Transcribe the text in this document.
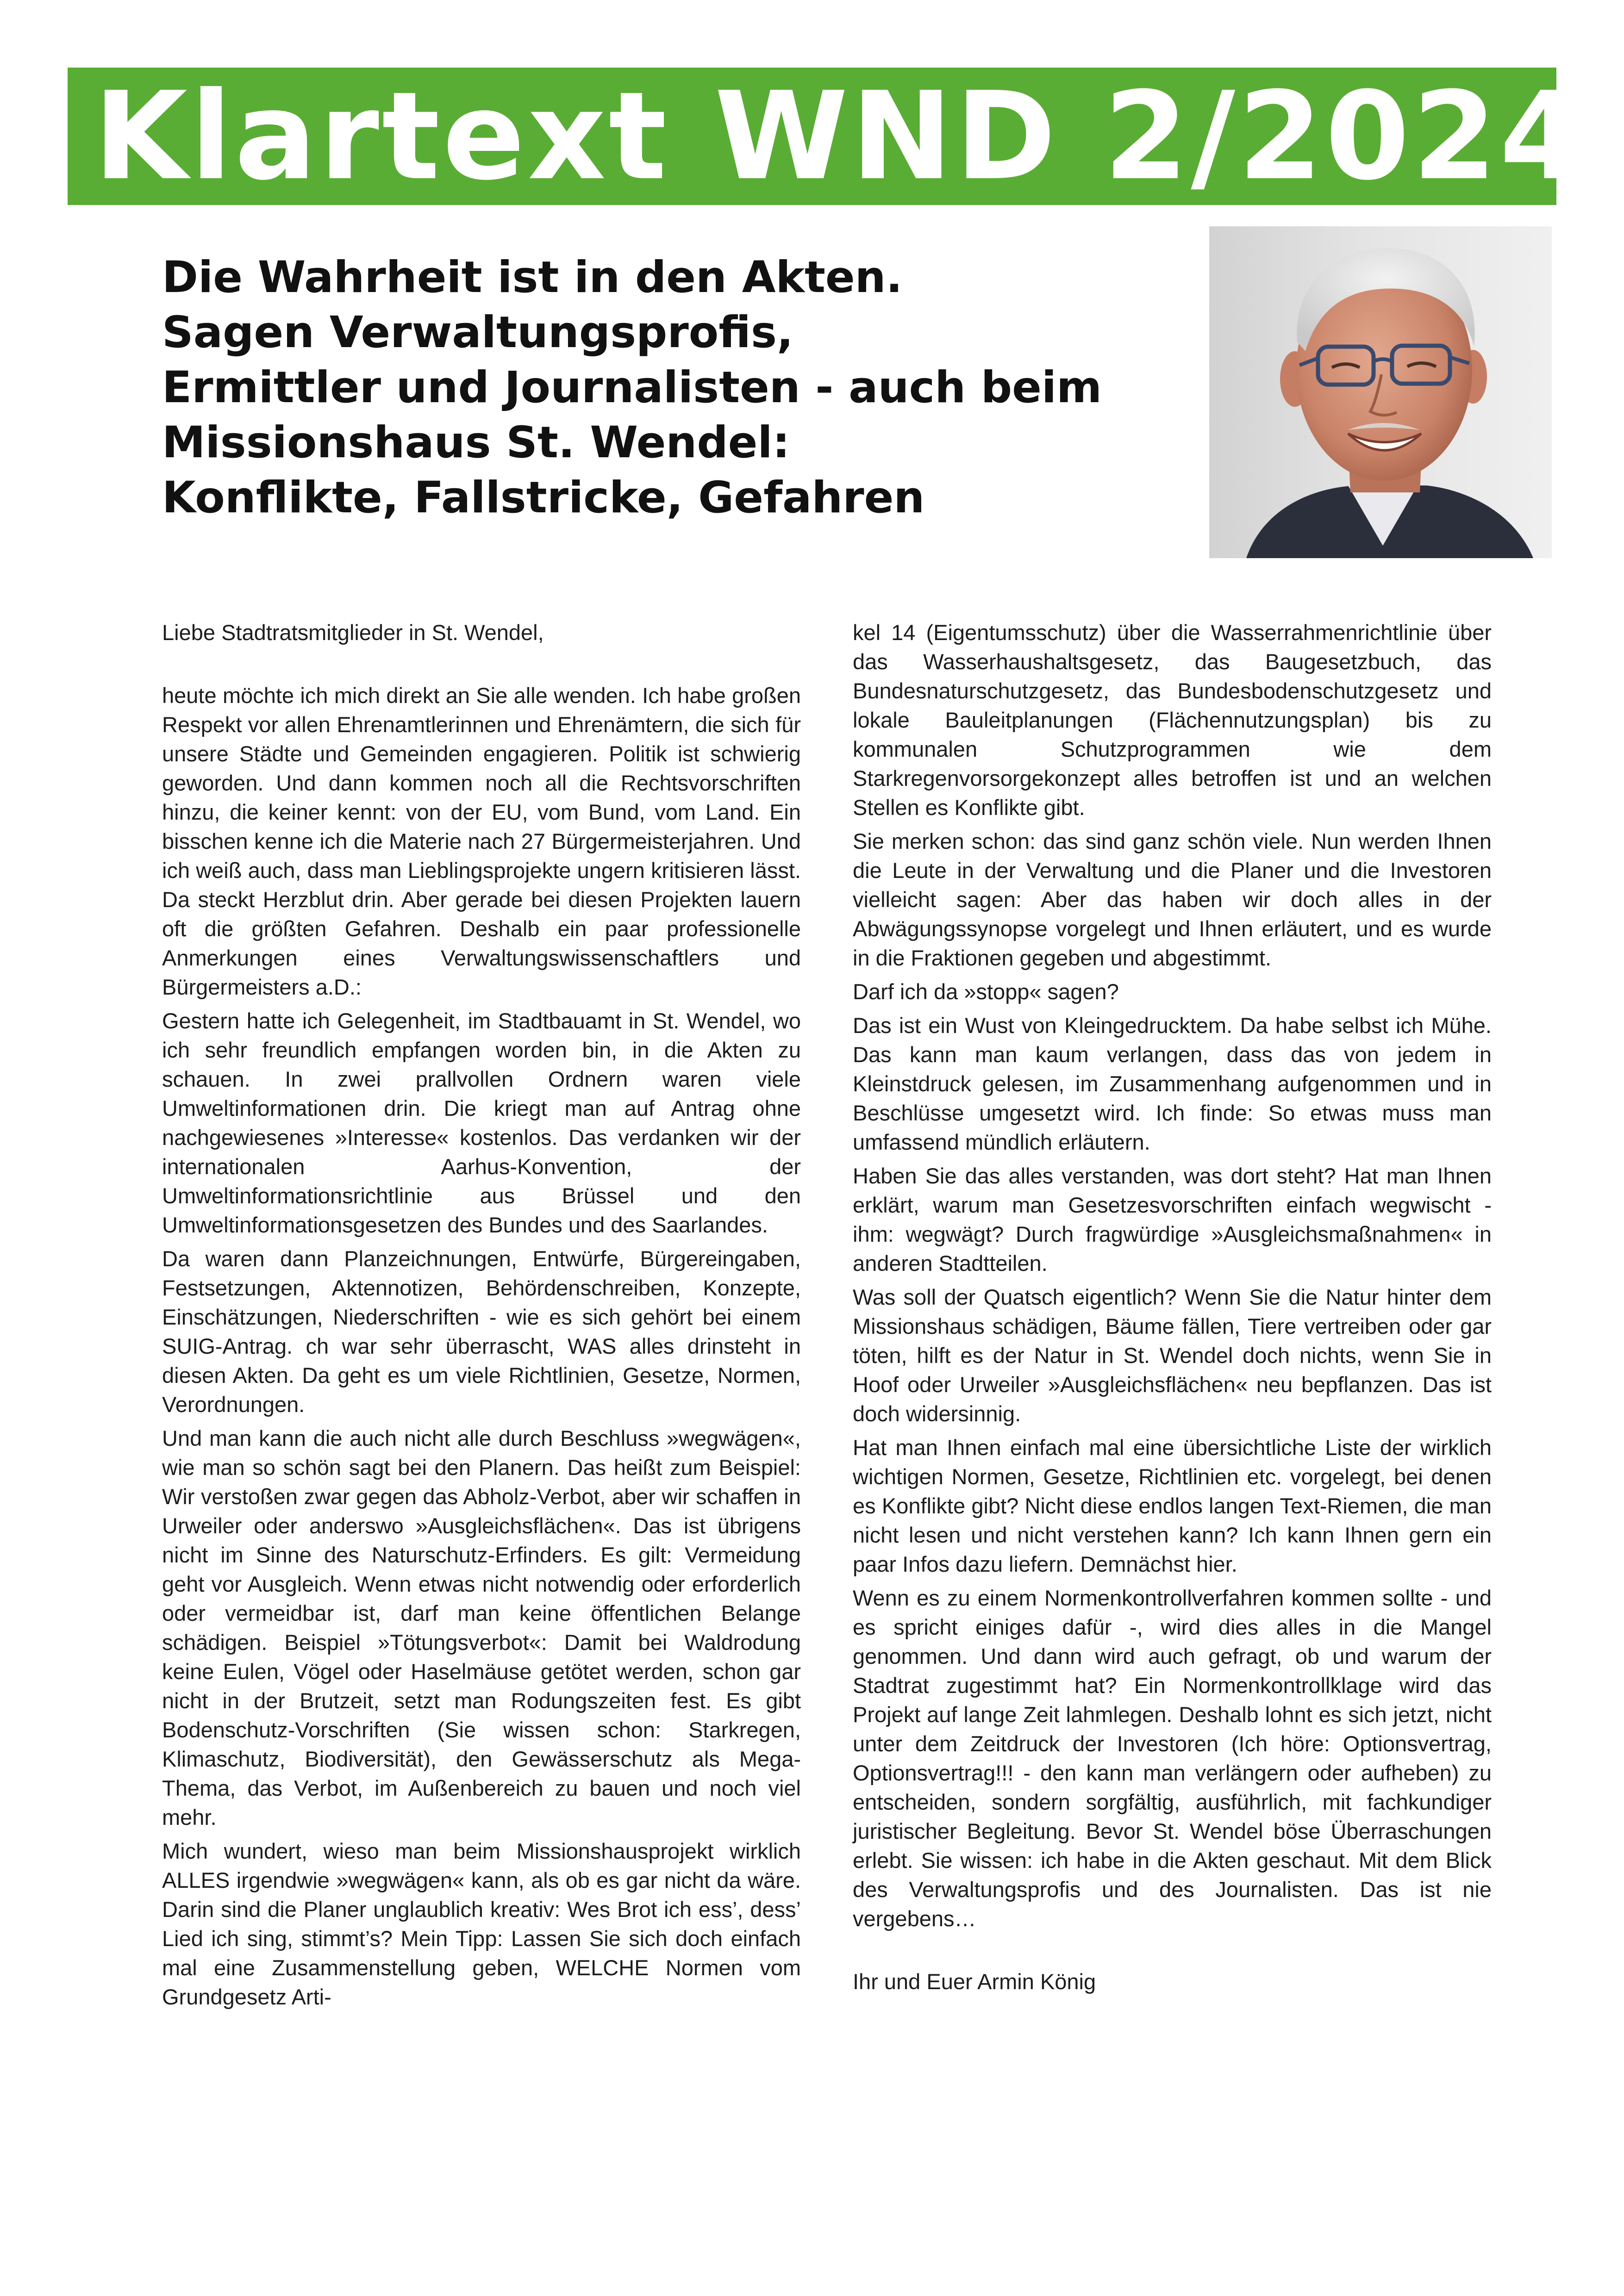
Klartext WND 2/2024
Die Wahrheit ist in den Akten.
Sagen Verwaltungsprofis,
Ermittler und Journalisten - auch beim
Missionshaus St. Wendel:
Konflikte, Fallstricke, Gefahren

Liebe Stadtratsmitglieder in St. Wendel,

heute möchte ich mich direkt an Sie alle wenden. Ich habe großen Respekt vor allen Ehrenamtlerinnen und Ehrenämtern, die sich für unsere Städte und Gemeinden engagieren. Politik ist schwierig geworden. Und dann kommen noch all die Rechtsvorschriften hinzu, die keiner kennt: von der EU, vom Bund, vom Land. Ein bisschen kenne ich die Materie nach 27 Bürgermeisterjahren. Und ich weiß auch, dass man Lieblingsprojekte ungern kritisieren lässt. Da steckt Herzblut drin. Aber gerade bei diesen Projekten lauern oft die größten Gefahren. Deshalb ein paar professionelle Anmerkungen eines Verwaltungswissenschaftlers und Bürgermeisters a.D.:

Gestern hatte ich Gelegenheit, im Stadtbauamt in St. Wendel, wo ich sehr freundlich empfangen worden bin, in die Akten zu schauen. In zwei prallvollen Ordnern waren viele Umweltinformationen drin. Die kriegt man auf Antrag ohne nachgewiesenes »Interesse« kostenlos. Das verdanken wir der internationalen Aarhus-Konvention, der Umweltinformationsrichtlinie aus Brüssel und den Umweltinformationsgesetzen des Bundes und des Saarlandes.

Da waren dann Planzeichnungen, Entwürfe, Bürgereingaben, Festsetzungen, Aktennotizen, Behördenschreiben, Konzepte, Einschätzungen, Niederschriften - wie es sich gehört bei einem SUIG-Antrag. ch war sehr überrascht, WAS alles drinsteht in diesen Akten. Da geht es um viele Richtlinien, Gesetze, Normen, Verordnungen.

Und man kann die auch nicht alle durch Beschluss »wegwägen«, wie man so schön sagt bei den Planern. Das heißt zum Beispiel: Wir verstoßen zwar gegen das Abholz-Verbot, aber wir schaffen in Urweiler oder anderswo »Ausgleichsflächen«. Das ist übrigens nicht im Sinne des Naturschutz-Erfinders. Es gilt: Vermeidung geht vor Ausgleich. Wenn etwas nicht notwendig oder erforderlich oder vermeidbar ist, darf man keine öffentlichen Belange schädigen. Beispiel »Tötungsverbot«: Damit bei Waldrodung keine Eulen, Vögel oder Haselmäuse getötet werden, schon gar nicht in der Brutzeit, setzt man Rodungszeiten fest. Es gibt Bodenschutz-Vorschriften (Sie wissen schon: Starkregen, Klimaschutz, Biodiversität), den Gewässerschutz als Mega-Thema, das Verbot, im Außenbereich zu bauen und noch viel mehr.

Mich wundert, wieso man beim Missionshausprojekt wirklich ALLES irgendwie »wegwägen« kann, als ob es gar nicht da wäre. Darin sind die Planer unglaublich kreativ: Wes Brot ich ess’, dess’ Lied ich sing, stimmt’s? Mein Tipp: Lassen Sie sich doch einfach mal eine Zusammenstellung geben, WELCHE Normen vom Grundgesetz Arti-

kel 14 (Eigentumsschutz) über die Wasserrahmenrichtlinie über das Wasserhaushaltsgesetz, das Baugesetzbuch, das Bundesnaturschutzgesetz, das Bundesbodenschutzgesetz und lokale Bauleitplanungen (Flächennutzungsplan) bis zu kommunalen Schutzprogrammen wie dem Starkregenvorsorgekonzept alles betroffen ist und an welchen Stellen es Konflikte gibt.

Sie merken schon: das sind ganz schön viele. Nun werden Ihnen die Leute in der Verwaltung und die Planer und die Investoren vielleicht sagen: Aber das haben wir doch alles in der Abwägungssynopse vorgelegt und Ihnen erläutert, und es wurde in die Fraktionen gegeben und abgestimmt.

Darf ich da »stopp« sagen?

Das ist ein Wust von Kleingedrucktem. Da habe selbst ich Mühe. Das kann man kaum verlangen, dass das von jedem in Kleinstdruck gelesen, im Zusammenhang aufgenommen und in Beschlüsse umgesetzt wird. Ich finde: So etwas muss man umfassend mündlich erläutern.

Haben Sie das alles verstanden, was dort steht? Hat man Ihnen erklärt, warum man Gesetzesvorschriften einfach wegwischt - ihm: wegwägt? Durch fragwürdige »Ausgleichsmaßnahmen« in anderen Stadtteilen.

Was soll der Quatsch eigentlich? Wenn Sie die Natur hinter dem Missionshaus schädigen, Bäume fällen, Tiere vertreiben oder gar töten, hilft es der Natur in St. Wendel doch nichts, wenn Sie in Hoof oder Urweiler »Ausgleichsflächen« neu bepflanzen. Das ist doch widersinnig.

Hat man Ihnen einfach mal eine übersichtliche Liste der wirklich wichtigen Normen, Gesetze, Richtlinien etc. vorgelegt, bei denen es Konflikte gibt? Nicht diese endlos langen Text-Riemen, die man nicht lesen und nicht verstehen kann? Ich kann Ihnen gern ein paar Infos dazu liefern. Demnächst hier.

Wenn es zu einem Normenkontrollverfahren kommen sollte - und es spricht einiges dafür -, wird dies alles in die Mangel genommen. Und dann wird auch gefragt, ob und warum der Stadtrat zugestimmt hat? Ein Normenkontrollklage wird das Projekt auf lange Zeit lahmlegen. Deshalb lohnt es sich jetzt, nicht unter dem Zeitdruck der Investoren (Ich höre: Optionsvertrag, Optionsvertrag!!! - den kann man verlängern oder aufheben) zu entscheiden, sondern sorgfältig, ausführlich, mit fachkundiger juristischer Begleitung. Bevor St. Wendel böse Überraschungen erlebt. Sie wissen: ich habe in die Akten geschaut. Mit dem Blick des Verwaltungsprofis und des Journalisten. Das ist nie vergebens…

Ihr und Euer Armin König
